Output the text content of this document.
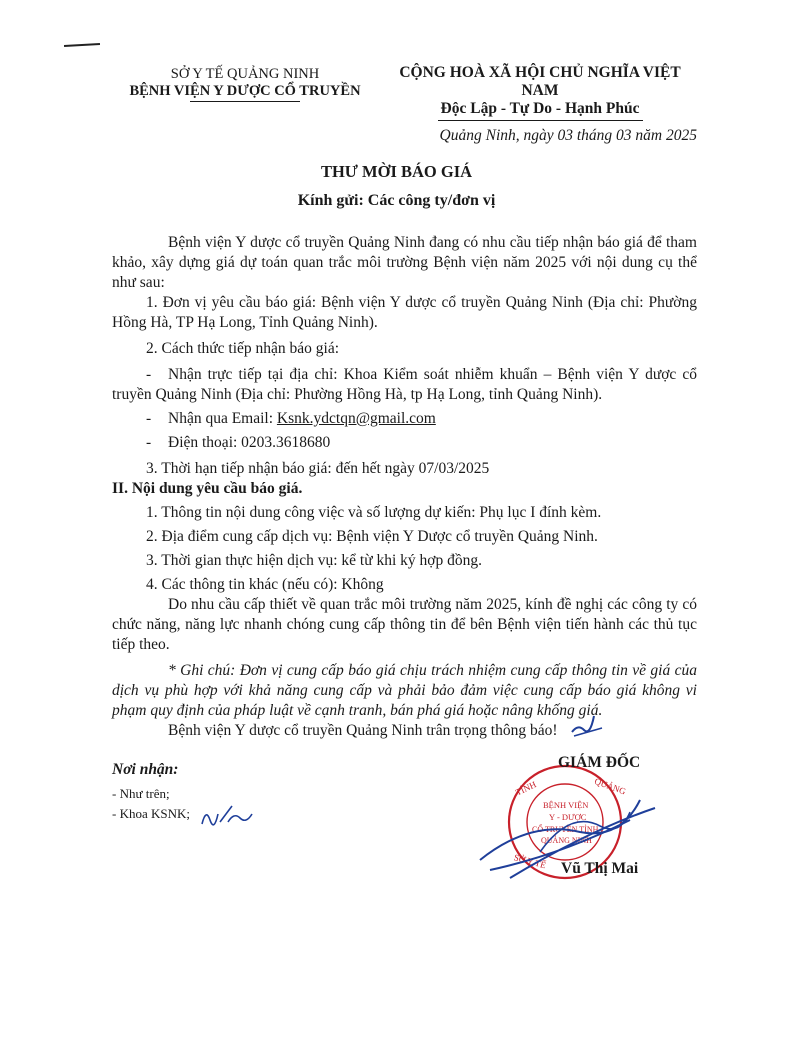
SỞ Y TẾ QUẢNG NINH
BỆNH VIỆN Y DƯỢC CỔ TRUYỀN
CỘNG HOÀ XÃ HỘI CHỦ NGHĨA VIỆT NAM
Độc Lập - Tự Do - Hạnh Phúc
Quảng Ninh, ngày 03 tháng 03 năm 2025
THƯ MỜI BÁO GIÁ
Kính gửi: Các công ty/đơn vị
Bệnh viện Y dược cổ truyền Quảng Ninh đang có nhu cầu tiếp nhận báo giá để tham khảo, xây dựng giá dự toán quan trắc môi trường Bệnh viện năm 2025 với nội dung cụ thể như sau:
1. Đơn vị yêu cầu báo giá: Bệnh viện Y dược cổ truyền Quảng Ninh (Địa chỉ: Phường Hồng Hà, TP Hạ Long, Tỉnh Quảng Ninh).
2. Cách thức tiếp nhận báo giá:
- Nhận trực tiếp tại địa chỉ: Khoa Kiểm soát nhiễm khuẩn – Bệnh viện Y dược cổ truyền Quảng Ninh (Địa chỉ: Phường Hồng Hà, tp Hạ Long, tỉnh Quảng Ninh).
- Nhận qua Email: Ksnk.ydctqn@gmail.com
- Điện thoại: 0203.3618680
3. Thời hạn tiếp nhận báo giá: đến hết ngày 07/03/2025
II. Nội dung yêu cầu báo giá.
1. Thông tin nội dung công việc và số lượng dự kiến: Phụ lục I đính kèm.
2. Địa điểm cung cấp dịch vụ: Bệnh viện Y Dược cổ truyền Quảng Ninh.
3. Thời gian thực hiện dịch vụ: kể từ khi ký hợp đồng.
4. Các thông tin khác (nếu có): Không
Do nhu cầu cấp thiết về quan trắc môi trường năm 2025, kính đề nghị các công ty có chức năng, năng lực nhanh chóng cung cấp thông tin để bên Bệnh viện tiến hành các thủ tục tiếp theo.
* Ghi chú: Đơn vị cung cấp báo giá chịu trách nhiệm cung cấp thông tin về giá của dịch vụ phù hợp với khả năng cung cấp và phải bảo đảm việc cung cấp báo giá không vi phạm quy định của pháp luật về cạnh tranh, bán phá giá hoặc nâng khống giá.
Bệnh viện Y dược cổ truyền Quảng Ninh trân trọng thông báo!
Nơi nhận:
- Như trên;
- Khoa KSNK;
TỈNH	QUẢNG
BỆNH VIỆN
Y - DƯỢC
CỔ TRUYỀN TỈNH
QUẢNG NINH
SỞ Y TẾ
GIÁM ĐỐC
Vũ Thị Mai
